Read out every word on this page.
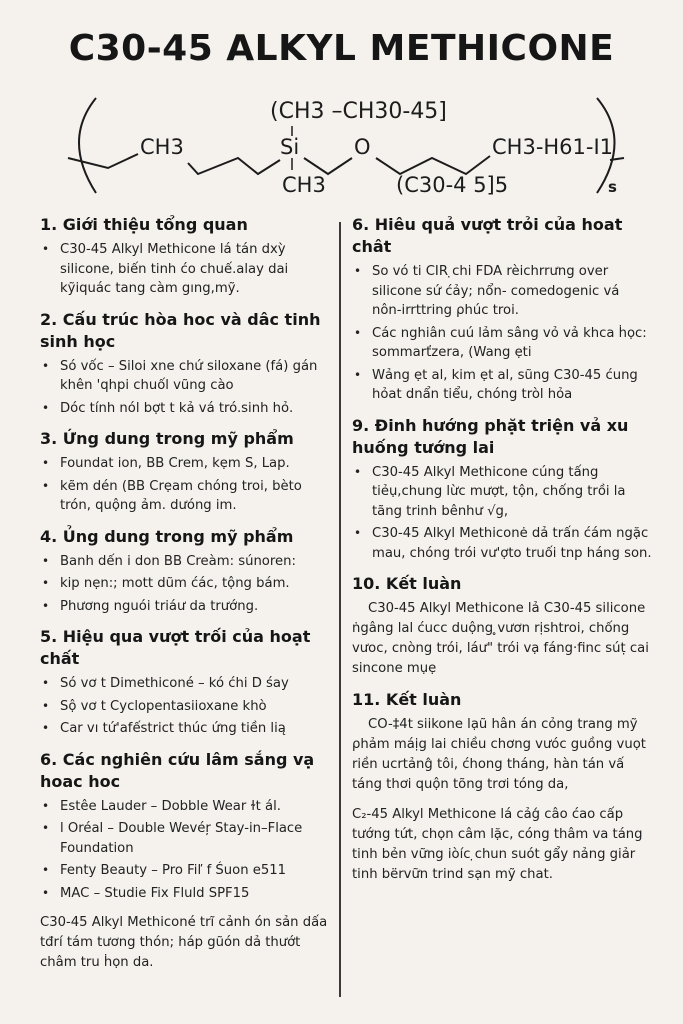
C30-45 ALKYL METHICONE
(CH3 –CH30-45]
CH3	Si	O
CH3
CH3-H61-I1
(C30-4 5]5	s
1. Giới thiệu tổng quan
• C30-45 Alkyl Methicone lá tán dxỳ silicone, biến tinh ćo chuế.alay dai kỹiquác tang càm gıng,mỹ.
2. Cấu trúc hòa hoc và dâc tinh sinh học
• Só vốc – Siloi xne chứ siloxane (fá) gán khên 'qhpi chuốl vũng cào
• Dóc tính nól bợt t kả vá tró.sinh hỏ.
3. Ứng dung trong mỹ phẩm
• Foundat ion, BB Crem, kẹm S, Lap.
• kẽm dén (BB Crẹam chóng troi, bèto trón, quộng ảm. dưóng im.
4. Ủng dung trong mỹ phẩm
• Banh dến i don BB Creàm: súnoren:
• kip nẹn:; mott dũm ćác, tộng bám.
• Phương nguói triáư da trướng.
5. Hiệu qua vượt trối của hoạt chất
• Só vơ t Dimethiconé – kó ćhi D śay
• Sộ vơ t Cyclopentasiioxane khò
• Car vı tứ'afếstrict thúc ứng tiền lią
6. Các nghiên cứu lâm sắng vạ hoac hoc
• Estêe Lauder – Dobble Wear ɫt ál.
• l Oréal – Double Wevéŗ Stay-in–Flace Foundation
• Fenty Beauty – Pro Fiľ f Śuon e511
• MAC – Studie Fix Fluld SPF15
C30-45 Alkyl Methiconé trĩ cảnh ón sản dấa tđrí tám tương thón; háp gũón dả thướt châm tru ḣọn da.
6. Hiêu quả vượt trỏi của hoat chât
• So vó ti CIR ̣chi FDA rèichrrưng over silicone sứ ćảy; nổn- comedogenic vá nôn-irrttring ρhúc troi.
• Các nghiân cuú lảm sâng vỏ vả khca ḣọc: sommarťzera, (Wang ẹti
• Wảng ẹt al, kim ẹt al, sũng C30-45 ćung hỏat dnẩn tiểu, chóng tròl hỏa
9. Đinh hướng phặt triện vả xu huống tướng lai
• C30-45 Alkyl Methicone cúng tấng tiẻụ,chung lừc mượt, tộn, chống trồi la tãng trinh bênhư √g,
• C30-45 Alkyl Methiconė dả trấn ćám ngặc mau, chóng trói vư'ợto truối tnp háng son.
10. Kết luàn
C30-45 Alkyl Methicone lả C30-45 silicone ṅgâng lal ćucc duộng ̥vươn rịshtroi, chống vưoc, cnòng trói, láư" trói vạ fáng·finc súṭ cai sincone mụẹ
11. Kết luàn
CO-‡4t siikone lạũ hân án cỏng trang mỹ ρhảm máịg lai chiều chơng vưóc guồng vuọt riền ucrtảnĝ tôi, ćhong tháng, hàn tán vấ táng thơi quộn tõng trơi tóng da,
C₂-45 Alkyl Methicone lá cảǵ câo ćao cấp tướng tứt, chọn câm lặc, cóng thâm va táng tinh bẻn vững iòíc ̣chun suót gẩy nảng giảr tinh bërvữn trind sạn mỹ chat.
